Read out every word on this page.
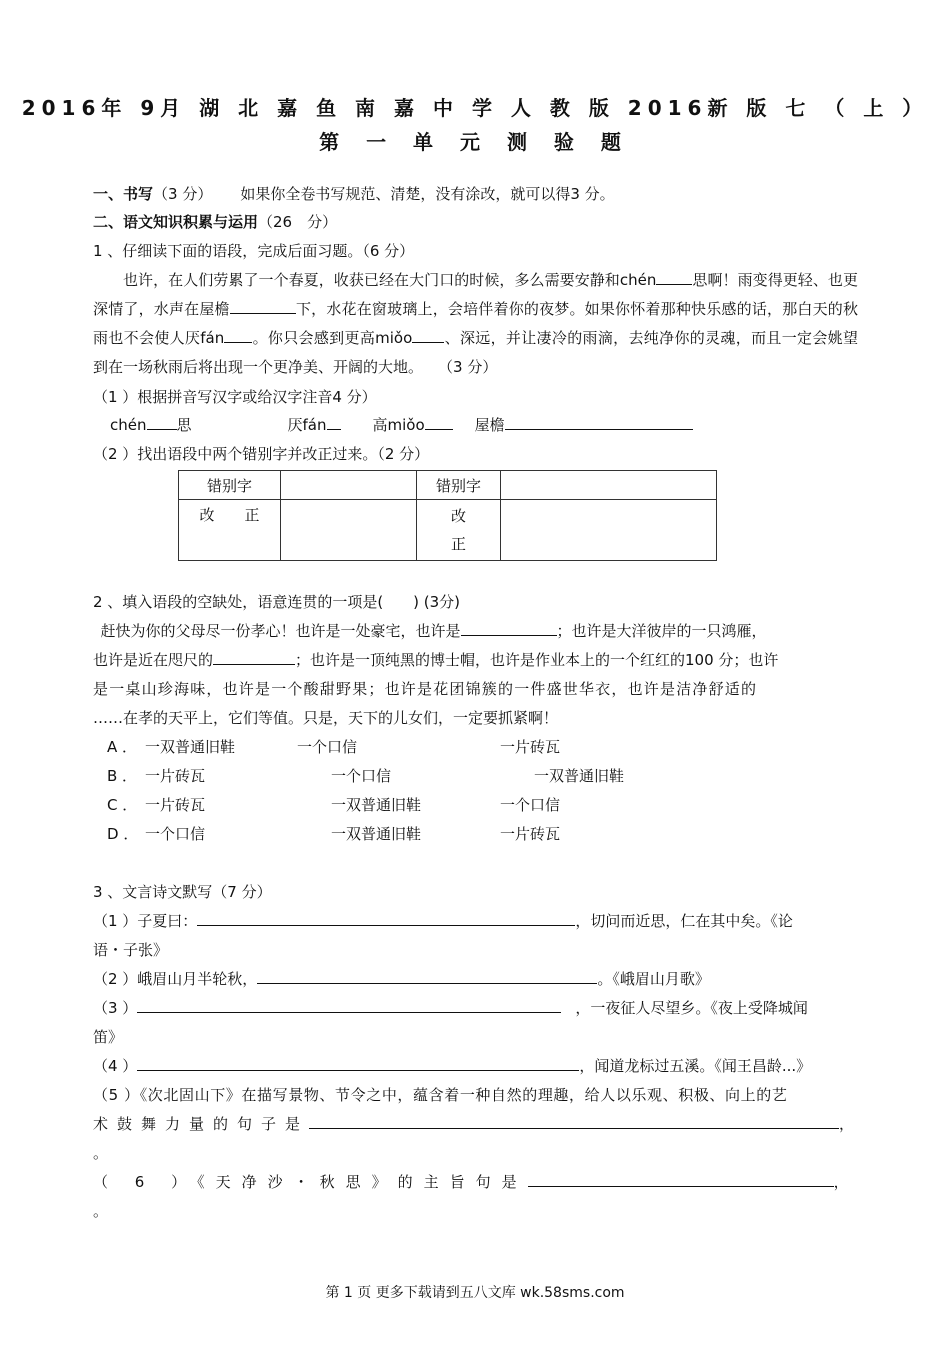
2016年 9月 湖 北 嘉 鱼 南 嘉 中 学 人 教 版 2016新 版 七 （ 上 ）
第 一 单 元 测 验 题
一、书写（3 分） 如果你全卷书写规范、清楚，没有涂改，就可以得3 分。
二、语文知识积累与运用（26　分）
1 、仔细读下面的语段，完成后面习题。（6 分）
也许，在人们劳累了一个春夏，收获已经在大门口的时候，多么需要安静和chén 思啊！雨变得更轻、也更深情了，水声在屋檐	下，水花在窗玻璃上，会培伴着你的夜梦。如果你怀着那种快乐感的话，那白天的秋雨也不会使人厌fán 。你只会感到更高miǒo 、深远，并让凄冷的雨滴，去纯净你的灵魂，而且一定会姚望到在一场秋雨后将出现一个更净美、开阔的大地。　　 （3 分）
（1 ）根据拼音写汉字或给汉字注音4 分）
chén 思	厌fán	高miǒo	屋檐
（2 ）找出语段中两个错别字并改正过来。（2 分）
错别字		错别字	
改　　正		改
正	
2 、填入语段的空缺处，语意连贯的一项是(　　) (3分)
赶快为你的父母尽一份孝心！也许是一处豪宅，也许是	；也许是大洋彼岸的一只鸿雁，
也许是近在咫尺的	；也许是一顶纯黑的博士帽，也许是作业本上的一个红红的100 分；也许
是一桌山珍海味，也许是一个酸甜野果；也许是花团锦簇的一件盛世华衣，也许是洁净舒适的
……在孝的天平上，它们等值。只是，天下的儿女们，一定要抓紧啊！
A ． 一双普通旧鞋	一个口信	一片砖瓦
B ． 一片砖瓦	一个口信	一双普通旧鞋
C ． 一片砖瓦	一双普通旧鞋	一个口信
D ． 一个口信	一双普通旧鞋	一片砖瓦
3 、文言诗文默写（7 分）
（1 ）子夏曰：	，切问而近思，仁在其中矣。《论
语・子张》
（2 ）峨眉山月半轮秋，	。《峨眉山月歌》
（3 ）	，一夜征人尽望乡。《夜上受降城闻
笛》
（4 ）	，闻道龙标过五溪。《闻王昌龄...》
（5 ）《次北固山下》在描写景物、节令之中，蕴含着一种自然的理趣，给人以乐观、积极、向上的艺
术鼓舞力量的句子是	，
。
（ 6 ）《天净沙・秋思》的主旨句是	，
。
第 1 页 更多下载请到五八文库 wk.58sms.com
